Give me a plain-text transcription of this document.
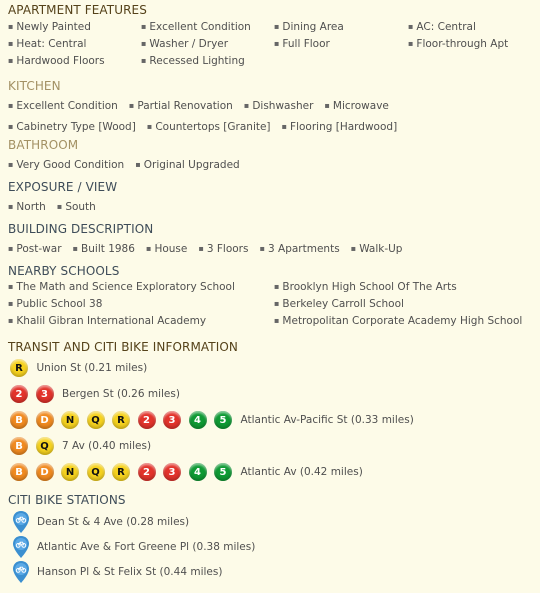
APARTMENT FEATURES
▪ Newly Painted	▪ Excellent Condition	▪ Dining Area	▪ AC: Central
▪ Heat: Central	▪ Washer / Dryer	▪ Full Floor	▪ Floor-through Apt
▪ Hardwood Floors	▪ Recessed Lighting
KITCHEN
▪ Excellent Condition ▪ Partial Renovation ▪ Dishwasher ▪ Microwave ▪ Cabinetry Type [Wood] ▪ Countertops [Granite] ▪ Flooring [Hardwood]
BATHROOM
▪ Very Good Condition ▪ Original Upgraded
EXPOSURE / VIEW
▪ North ▪ South
BUILDING DESCRIPTION
▪ Post-war ▪ Built 1986 ▪ House ▪ 3 Floors ▪ 3 Apartments ▪ Walk-Up
NEARBY SCHOOLS
▪ The Math and Science Exploratory School	▪ Brooklyn High School Of The Arts
▪ Public School 38	▪ Berkeley Carroll School
▪ Khalil Gibran International Academy	▪ Metropolitan Corporate Academy High School
TRANSIT AND CITI BIKE INFORMATION
R	Union St (0.21 miles)
2	3	Bergen St (0.26 miles)
B	D	N	Q	R	2	3	4	5	Atlantic Av-Pacific St (0.33 miles)
B	Q	7 Av (0.40 miles)
B	D	N	Q	R	2	3	4	5	Atlantic Av (0.42 miles)
CITI BIKE STATIONS
Dean St & 4 Ave (0.28 miles)
Atlantic Ave & Fort Greene Pl (0.38 miles)
Hanson Pl & St Felix St (0.44 miles)
